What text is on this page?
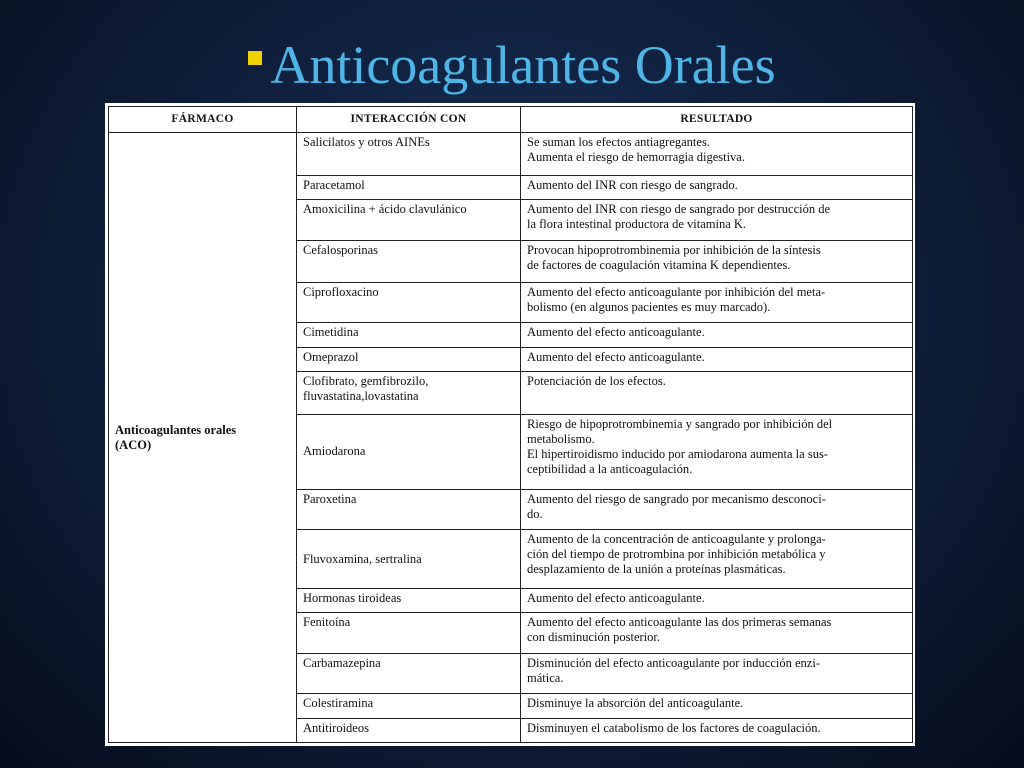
Anticoagulantes Orales
FÁRMACO	INTERACCIÓN CON	RESULTADO
Anticoagulantes orales
(ACO)	Salicilatos y otros AINEs	Se suman los efectos antiagregantes.
Aumenta el riesgo de hemorragia digestiva.
	Paracetamol	Aumento del INR con riesgo de sangrado.
	Amoxicilina + ácido clavulánico	Aumento del INR con riesgo de sangrado por destrucción de
la flora intestinal productora de vitamina K.
	Cefalosporinas	Provocan hipoprotrombinemia por inhibición de la síntesis
de factores de coagulación vitamina K dependientes.
	Ciprofloxacino	Aumento del efecto anticoagulante por inhibición del meta-
bolismo (en algunos pacientes es muy marcado).
	Cimetidina	Aumento del efecto anticoagulante.
	Omeprazol	Aumento del efecto anticoagulante.
	Clofibrato, gemfibrozilo,
fluvastatina,lovastatina	Potenciación de los efectos.
	Amiodarona	Riesgo de hipoprotrombinemia y sangrado por inhibición del
metabolismo.
El hipertiroidismo inducido por amiodarona aumenta la sus-
ceptibilidad a la anticoagulación.
	Paroxetina	Aumento del riesgo de sangrado por mecanismo desconoci-
do.
	Fluvoxamina, sertralina	Aumento de la concentración de anticoagulante y prolonga-
ción del tiempo de protrombina por inhibición metabólica y
desplazamiento de la unión a proteínas plasmáticas.
	Hormonas tiroideas	Aumento del efecto anticoagulante.
	Fenitoína	Aumento del efecto anticoagulante las dos primeras semanas
con disminución posterior.
	Carbamazepina	Disminución del efecto anticoagulante por inducción enzi-
mática.
	Colestiramina	Disminuye la absorción del anticoagulante.
	Antitiroideos	Disminuyen el catabolismo de los factores de coagulación.
